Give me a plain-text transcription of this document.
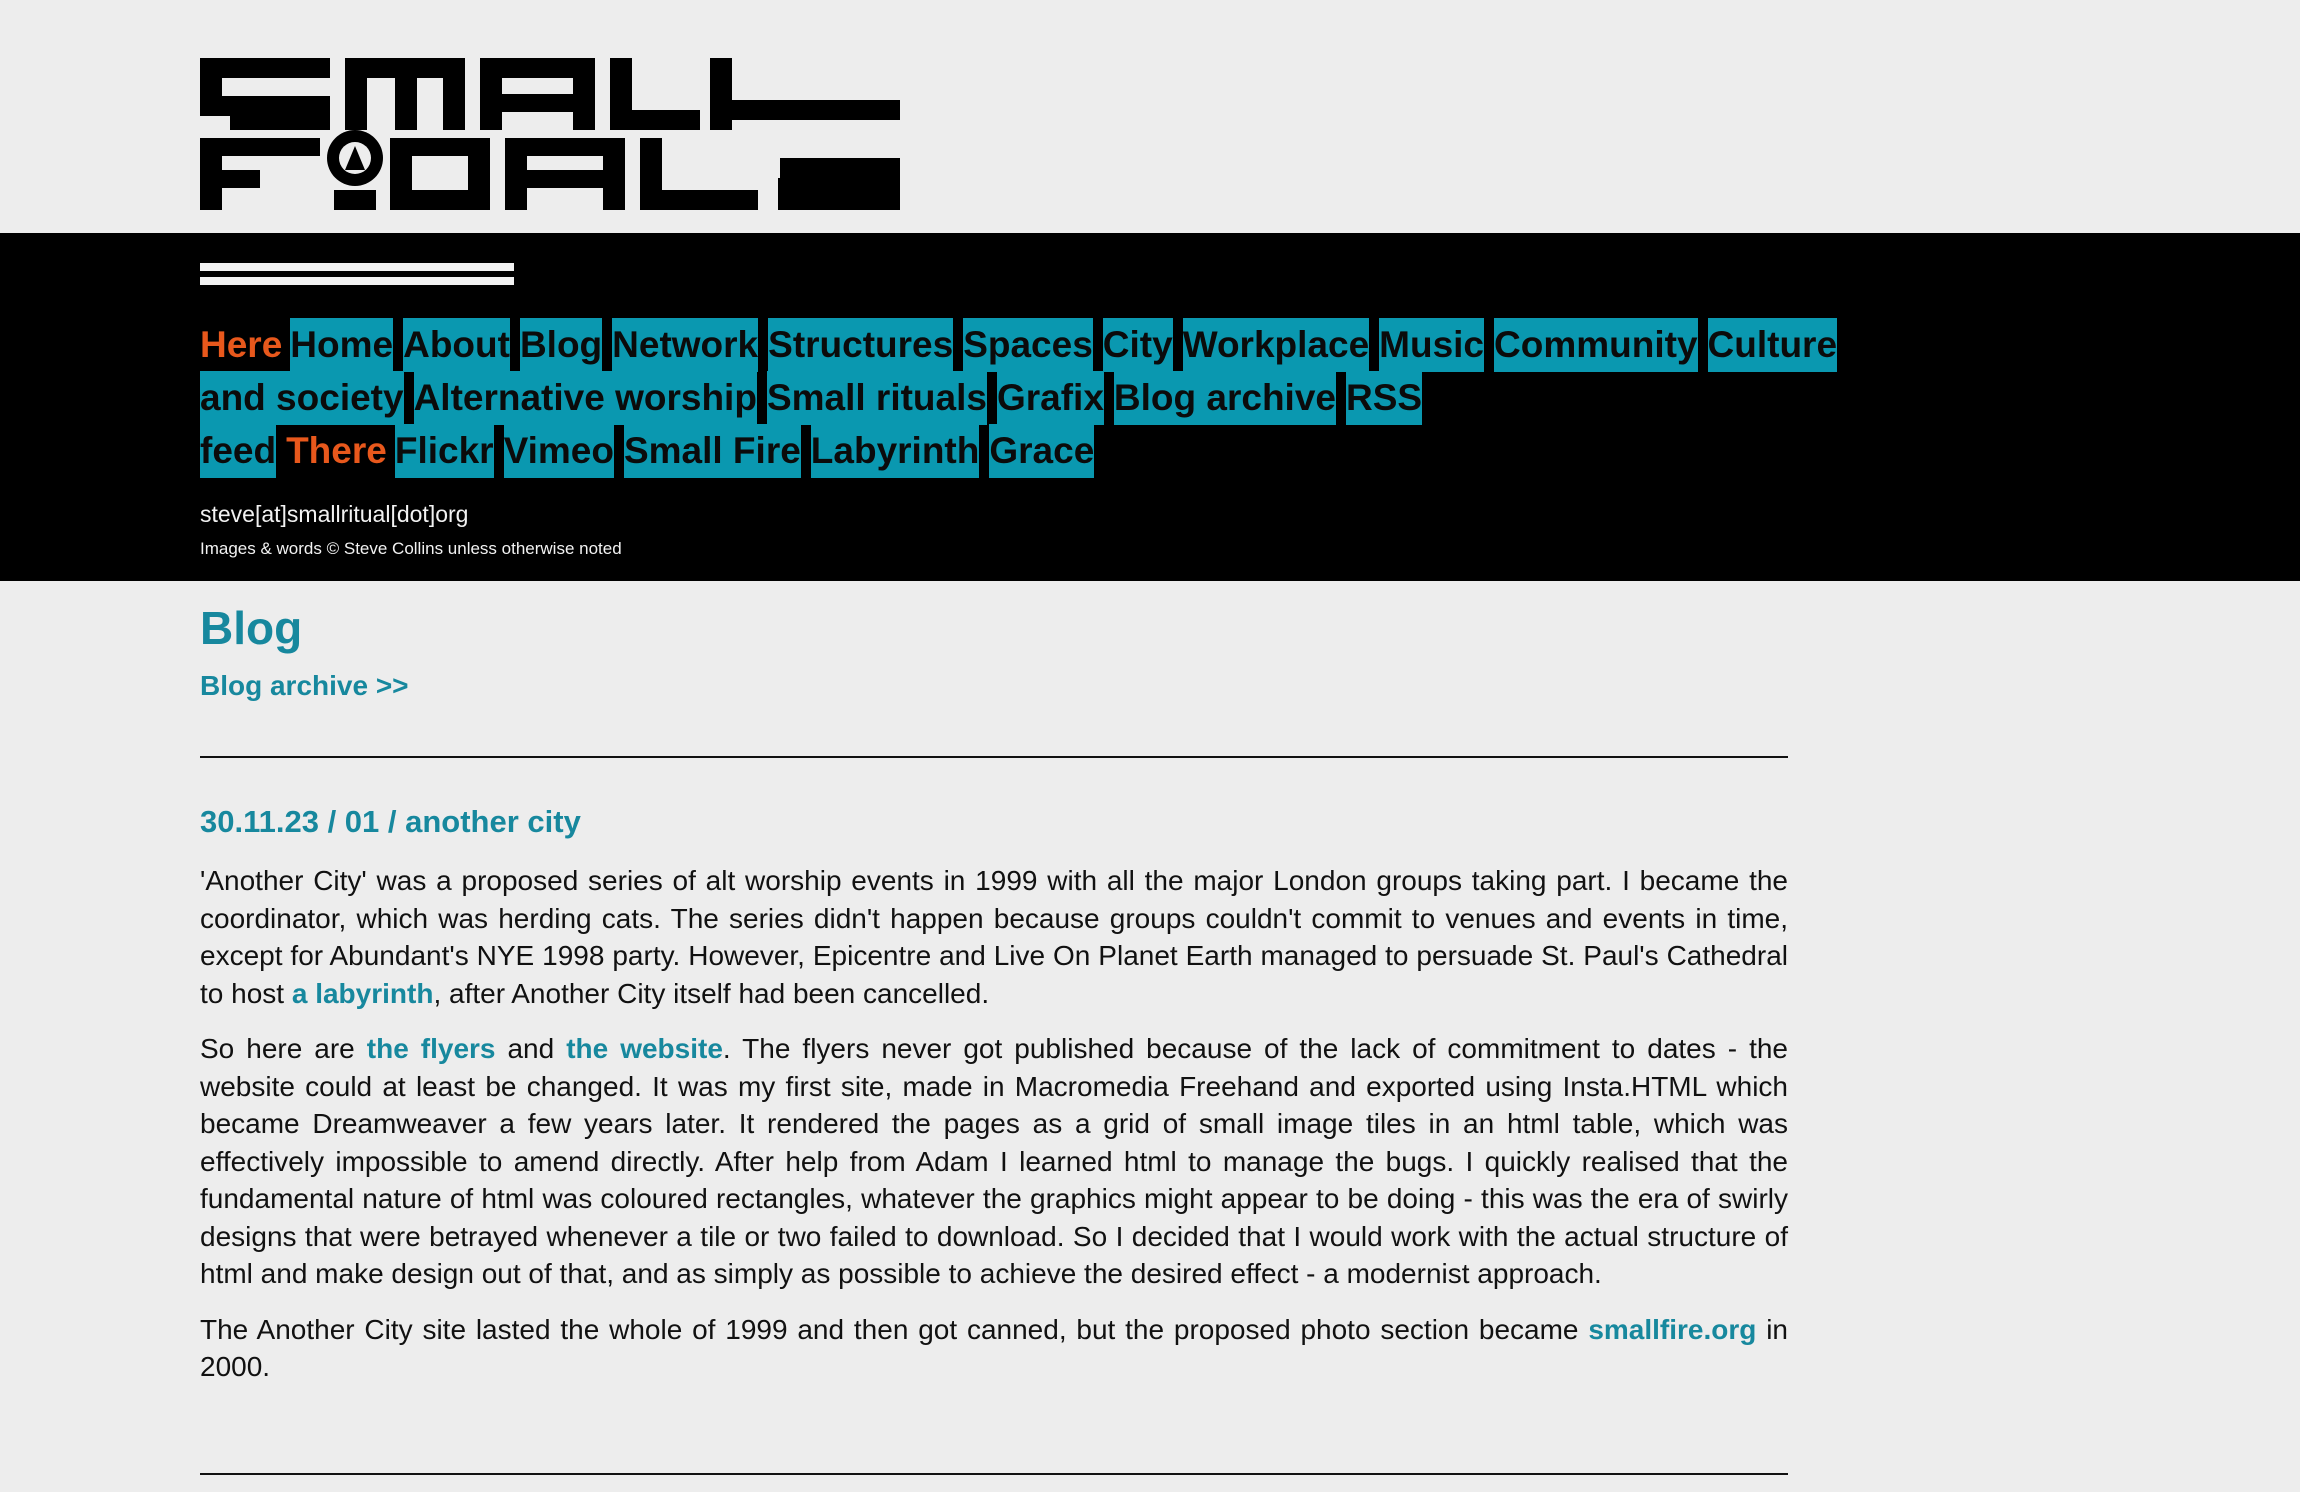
Here Home About Blog Network Structures Spaces City Workplace Music Community Culture and society Alternative worship Small rituals Grafix Blog archive RSS feed There Flickr Vimeo Small Fire Labyrinth Grace
steve[at]smallritual[dot]org
Images & words © Steve Collins unless otherwise noted
Blog
Blog archive >>
30.11.23 / 01 / another city

'Another City' was a proposed series of alt worship events in 1999 with all the major London groups taking part. I became the coordinator, which was herding cats. The series didn't happen because groups couldn't commit to venues and events in time, except for Abundant's NYE 1998 party. However, Epicentre and Live On Planet Earth managed to persuade St. Paul's Cathedral to host a labyrinth, after Another City itself had been cancelled.

So here are the flyers and the website. The flyers never got published because of the lack of commitment to dates - the website could at least be changed. It was my first site, made in Macromedia Freehand and exported using Insta.HTML which became Dreamweaver a few years later. It rendered the pages as a grid of small image tiles in an html table, which was effectively impossible to amend directly. After help from Adam I learned html to manage the bugs. I quickly realised that the fundamental nature of html was coloured rectangles, whatever the graphics might appear to be doing - this was the era of swirly designs that were betrayed whenever a tile or two failed to download. So I decided that I would work with the actual structure of html and make design out of that, and as simply as possible to achieve the desired effect - a modernist approach.

The Another City site lasted the whole of 1999 and then got canned, but the proposed photo section became smallfire.org in 2000.
